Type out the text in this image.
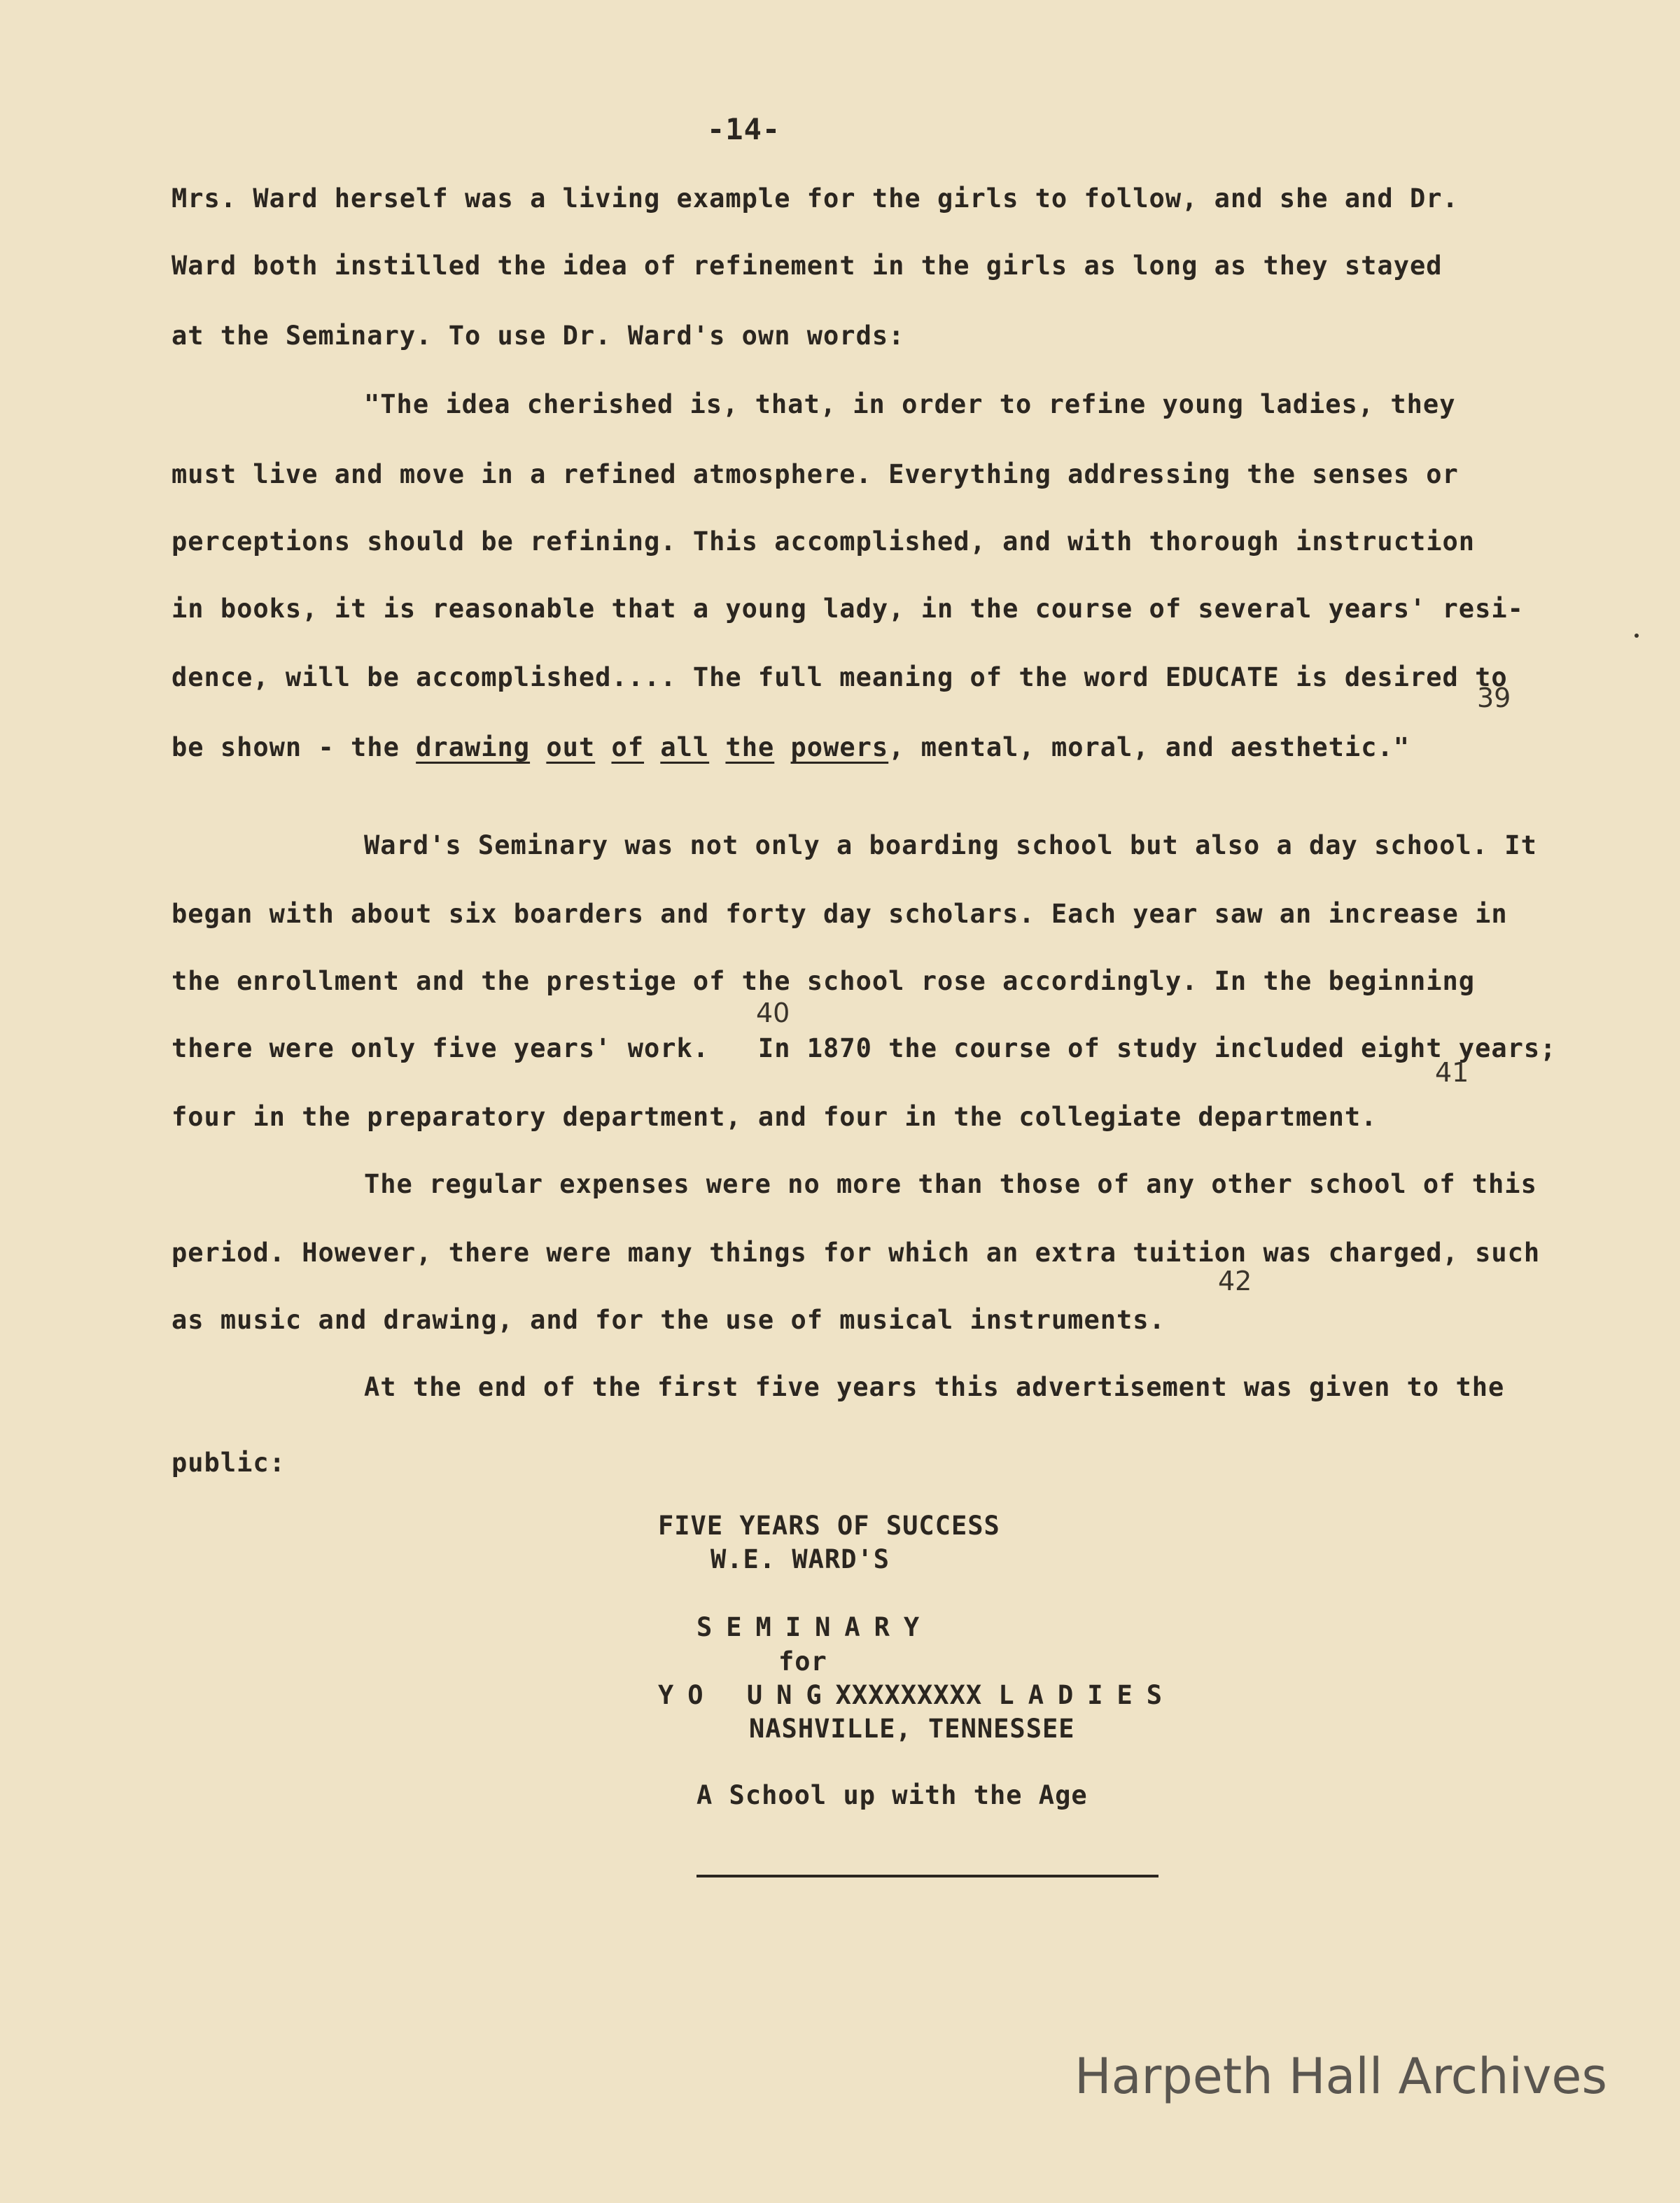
-14-
Mrs. Ward herself was a living example for the girls to follow, and she and Dr.
Ward both instilled the idea of refinement in the girls as long as they stayed
at the Seminary. To use Dr. Ward's own words:
"The idea cherished is, that, in order to refine young ladies, they
must live and move in a refined atmosphere. Everything addressing the senses or
perceptions should be refining. This accomplished, and with thorough instruction
in books, it is reasonable that a young lady, in the course of several years' resi-
dence, will be accomplished.... The full meaning of the word EDUCATE is desired to
39
be shown - the drawing out of all the powers, mental, moral, and aesthetic."
Ward's Seminary was not only a boarding school but also a day school. It
began with about six boarders and forty day scholars. Each year saw an increase in
the enrollment and the prestige of the school rose accordingly. In the beginning
40
there were only five years' work.   In 1870 the course of study included eight years;
41
four in the preparatory department, and four in the collegiate department.
The regular expenses were no more than those of any other school of this
period. However, there were many things for which an extra tuition was charged, such
42
as music and drawing, and for the use of musical instruments.
At the end of the first five years this advertisement was given to the
public:
FIVE YEARS OF SUCCESS
W.E. WARD'S
SEMINARY
for
YO UNGXXXXXXXXX LADIES
NASHVILLE, TENNESSEE
A School up with the Age
Harpeth Hall Archives
